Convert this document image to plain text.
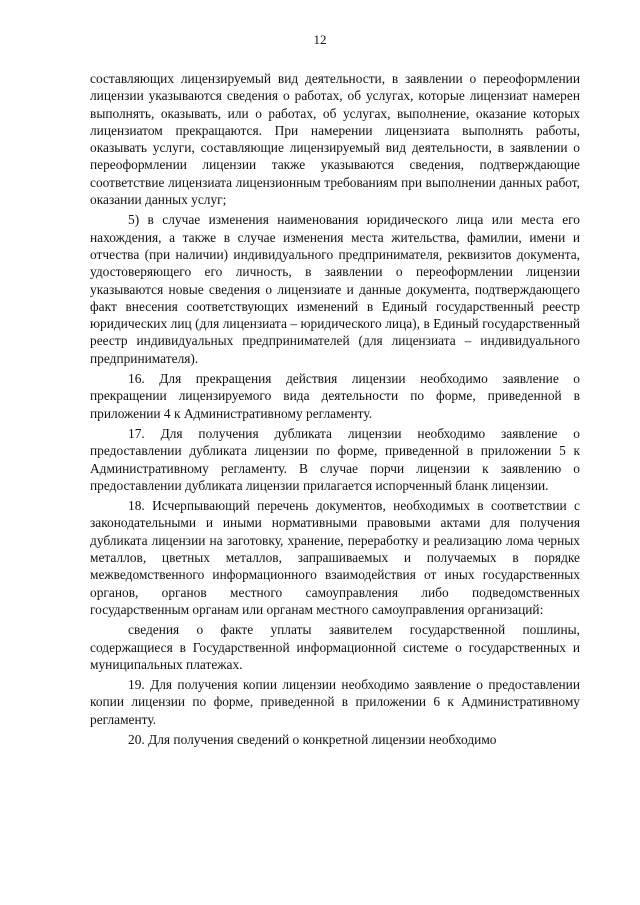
12

составляющих лицензируемый вид деятельности, в заявлении о переоформлении лицензии указываются сведения о работах, об услугах, которые лицензиат намерен выполнять, оказывать, или о работах, об услугах, выполнение, оказание которых лицензиатом прекращаются. При намерении лицензиата выполнять работы, оказывать услуги, составляющие лицензируемый вид деятельности, в заявлении о переоформлении лицензии также указываются сведения, подтверждающие соответствие лицензиата лицензионным требованиям при выполнении данных работ, оказании данных услуг;

5) в случае изменения наименования юридического лица или места его нахождения, а также в случае изменения места жительства, фамилии, имени и отчества (при наличии) индивидуального предпринимателя, реквизитов документа, удостоверяющего его личность, в заявлении о переоформлении лицензии указываются новые сведения о лицензиате и данные документа, подтверждающего факт внесения соответствующих изменений в Единый государственный реестр юридических лиц (для лицензиата – юридического лица), в Единый государственный реестр индивидуальных предпринимателей (для лицензиата – индивидуального предпринимателя).

16. Для прекращения действия лицензии необходимо заявление о прекращении лицензируемого вида деятельности по форме, приведенной в приложении 4 к Административному регламенту.

17. Для получения дубликата лицензии необходимо заявление о предоставлении дубликата лицензии по форме, приведенной в приложении 5 к Административному регламенту. В случае порчи лицензии к заявлению о предоставлении дубликата лицензии прилагается испорченный бланк лицензии.

18. Исчерпывающий перечень документов, необходимых в соответствии с законодательными и иными нормативными правовыми актами для получения дубликата лицензии на заготовку, хранение, переработку и реализацию лома черных металлов, цветных металлов, запрашиваемых и получаемых в порядке межведомственного информационного взаимодействия от иных государственных органов, органов местного самоуправления либо подведомственных государственным органам или органам местного самоуправления организаций:

сведения о факте уплаты заявителем государственной пошлины, содержащиеся в Государственной информационной системе о государственных и муниципальных платежах.

19. Для получения копии лицензии необходимо заявление о предоставлении копии лицензии по форме, приведенной в приложении 6 к Административному регламенту.

20. Для получения сведений о конкретной лицензии необходимо
